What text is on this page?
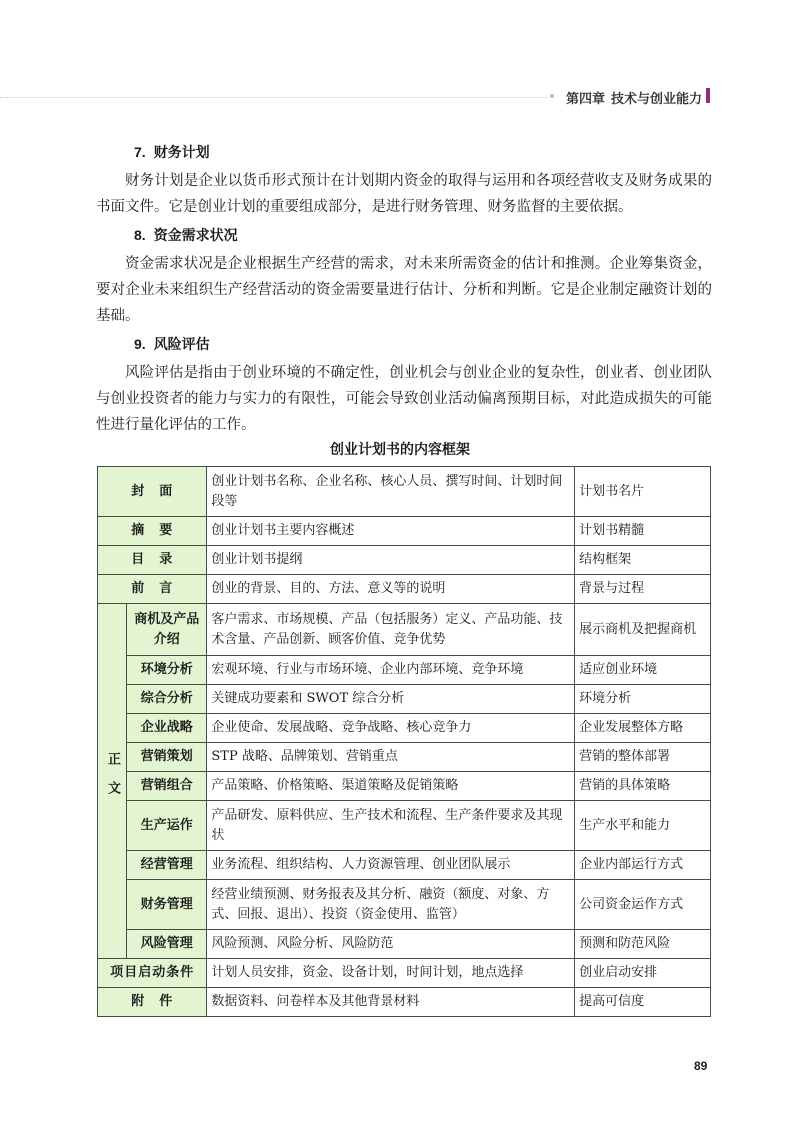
第四章 技术与创业能力
7. 财务计划

财务计划是企业以货币形式预计在计划期内资金的取得与运用和各项经营收支及财务成果的书面文件。它是创业计划的重要组成部分，是进行财务管理、财务监督的主要依据。

8. 资金需求状况

资金需求状况是企业根据生产经营的需求，对未来所需资金的估计和推测。企业筹集资金，要对企业未来组织生产经营活动的资金需要量进行估计、分析和判断。它是企业制定融资计划的基础。

9. 风险评估

风险评估是指由于创业环境的不确定性，创业机会与创业企业的复杂性，创业者、创业团队与创业投资者的能力与实力的有限性，可能会导致创业活动偏离预期目标，对此造成损失的可能性进行量化评估的工作。

创业计划书的内容框架
封　面		创业计划书名称、企业名称、核心人员、撰写时间、计划时间段等	计划书名片
摘　要		创业计划书主要内容概述	计划书精髓
目　录		创业计划书提纲	结构框架
前　言		创业的背景、目的、方法、意义等的说明	背景与过程
正文	商机及产品介绍	客户需求、市场规模、产品（包括服务）定义、产品功能、技术含量、产品创新、顾客价值、竞争优势	展示商机及把握商机
	环境分析	宏观环境、行业与市场环境、企业内部环境、竞争环境	适应创业环境
	综合分析	关键成功要素和 SWOT 综合分析	环境分析
	企业战略	企业使命、发展战略、竞争战略、核心竞争力	企业发展整体方略
	营销策划	STP 战略、品牌策划、营销重点	营销的整体部署
	营销组合	产品策略、价格策略、渠道策略及促销策略	营销的具体策略
	生产运作	产品研发、原料供应、生产技术和流程、生产条件要求及其现状	生产水平和能力
	经营管理	业务流程、组织结构、人力资源管理、创业团队展示	企业内部运行方式
	财务管理	经营业绩预测、财务报表及其分析、融资（额度、对象、方式、回报、退出）、投资（资金使用、监管）	公司资金运作方式
	风险管理	风险预测、风险分析、风险防范	预测和防范风险
项目启动条件		计划人员安排，资金、设备计划，时间计划，地点选择	创业启动安排
附　件		数据资料、问卷样本及其他背景材料	提高可信度
89
